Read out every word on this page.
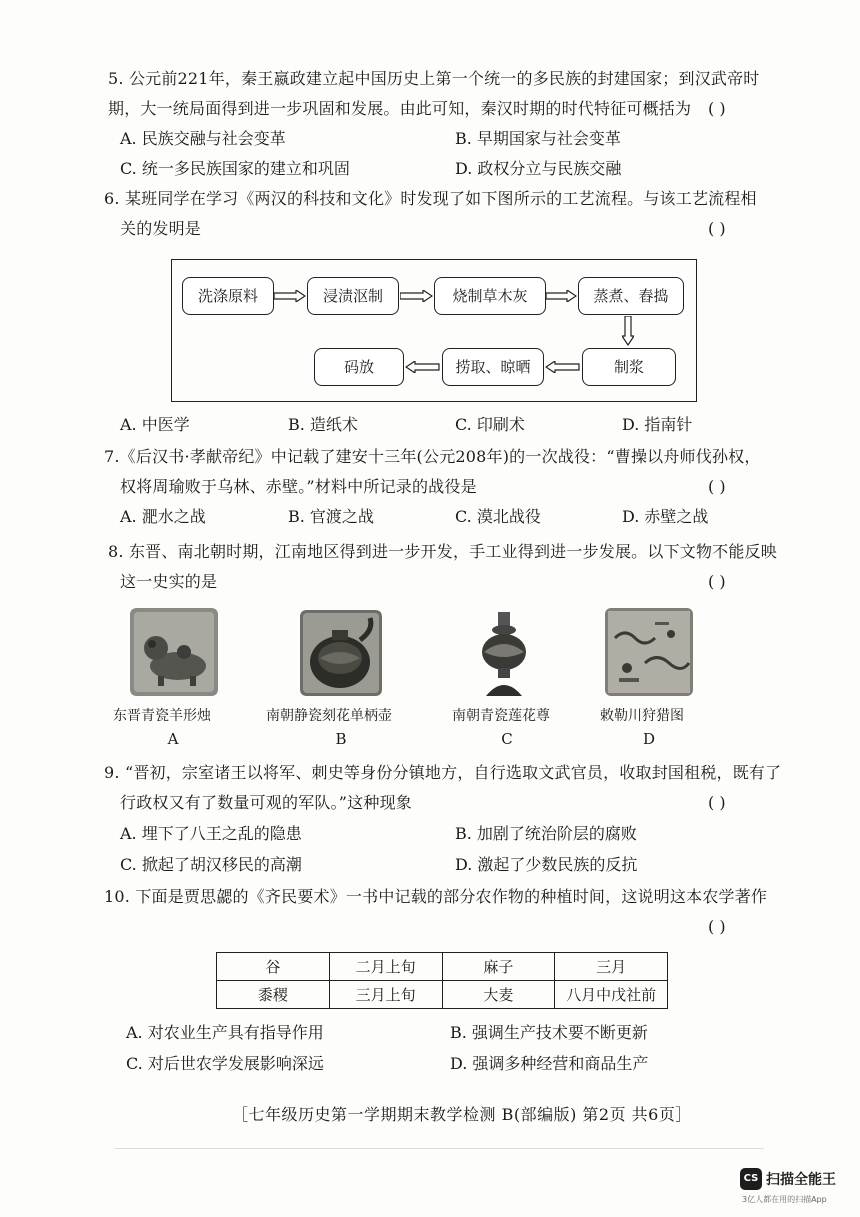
5. 公元前221年，秦王嬴政建立起中国历史上第一个统一的多民族的封建国家；到汉武帝时
期，大一统局面得到进一步巩固和发展。由此可知，秦汉时期的时代特征可概括为 ( )
A. 民族交融与社会变革	B. 早期国家与社会变革
C. 统一多民族国家的建立和巩固	D. 政权分立与民族交融
6. 某班同学在学习《两汉的科技和文化》时发现了如下图所示的工艺流程。与该工艺流程相
关的发明是	( )
洗涤原料	浸渍沤制	烧制草木灰	蒸煮、舂捣
制浆
捞取、晾晒
码放
A. 中医学	B. 造纸术	C. 印刷术	D. 指南针
7.《后汉书·孝献帝纪》中记载了建安十三年(公元208年)的一次战役：“曹操以舟师伐孙权，
权将周瑜败于乌林、赤壁。”材料中所记录的战役是	( )
A. 淝水之战	B. 官渡之战	C. 漠北战役	D. 赤壁之战
8. 东晋、南北朝时期，江南地区得到进一步开发，手工业得到进一步发展。以下文物不能反映
这一史实的是	( )
东晋青瓷羊形烛
A
南朝静瓷刻花单柄壶
B
南朝青瓷莲花尊
C
敕勒川狩猎图
D
9. “晋初，宗室诸王以将军、刺史等身份分镇地方，自行选取文武官员，收取封国租税，既有了
行政权又有了数量可观的军队。”这种现象	( )
A. 埋下了八王之乱的隐患	B. 加剧了统治阶层的腐败
C. 掀起了胡汉移民的高潮	D. 激起了少数民族的反抗
10. 下面是贾思勰的《齐民要术》一书中记载的部分农作物的种植时间，这说明这本农学著作
( )
谷	二月上旬	麻子	三月
黍稷	三月上旬	大麦	八月中戊社前
A. 对农业生产具有指导作用	B. 强调生产技术要不断更新
C. 对后世农学发展影响深远	D. 强调多种经营和商品生产
［七年级历史第一学期期末教学检测 B(部编版) 第2页 共6页］
CS 扫描全能王
3亿人都在用的扫描App
